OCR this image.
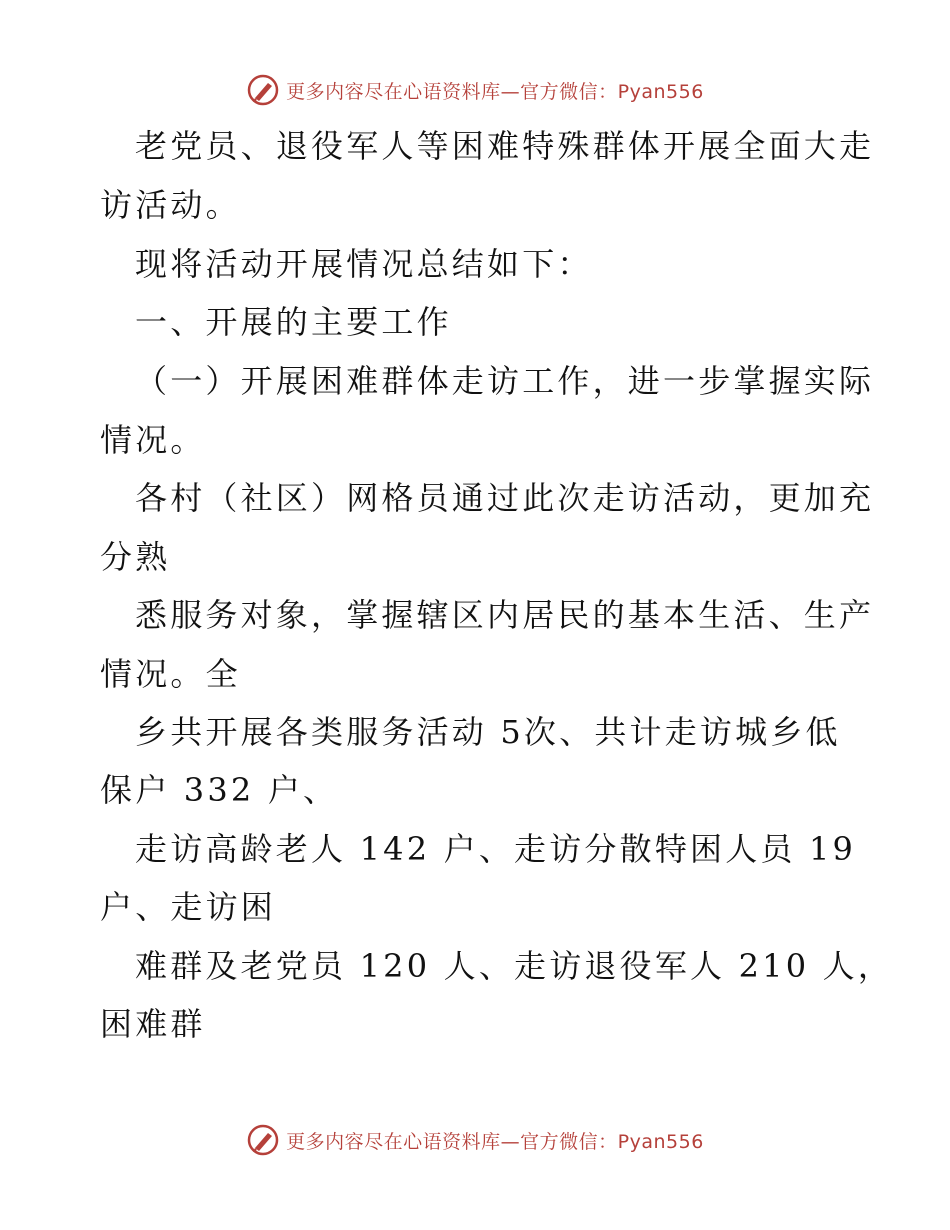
更多内容尽在心语资料库—官方微信：Pyan556
老党员、退役军人等困难特殊群体开展全面大走
访活动。
现将活动开展情况总结如下：
一、开展的主要工作
（一）开展困难群体走访工作，进一步掌握实际
情况。
各村（社区）网格员通过此次走访活动，更加充
分熟
悉服务对象，掌握辖区内居民的基本生活、生产
情况。全
乡共开展各类服务活动 5次、共计走访城乡低
保户 332 户、
走访高龄老人 142 户、走访分散特困人员 19
户、走访困
难群及老党员 120 人、走访退役军人 210 人，
困难群
更多内容尽在心语资料库—官方微信：Pyan556
